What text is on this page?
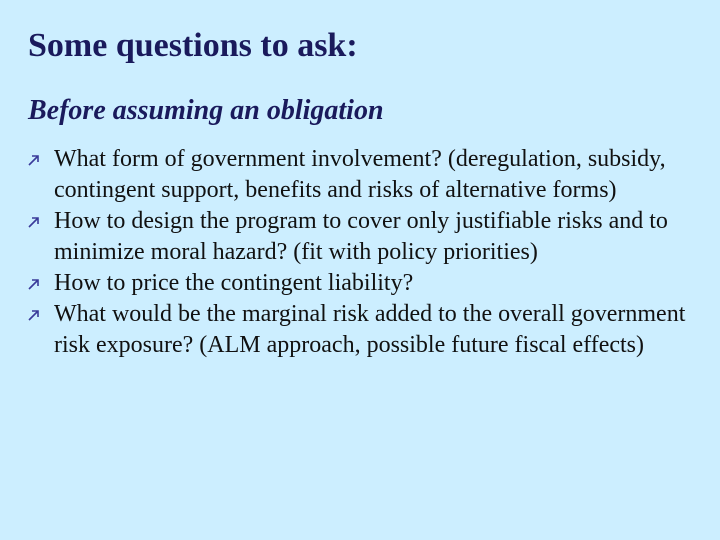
Some questions to ask:
Before assuming an obligation
What form of government involvement? (deregulation, subsidy, contingent support, benefits and risks of alternative forms)
How to design the program to cover only justifiable risks and to minimize moral hazard? (fit with policy priorities)
How to price the contingent liability?
What would be the marginal risk added to the overall government risk exposure? (ALM approach, possible future fiscal effects)
